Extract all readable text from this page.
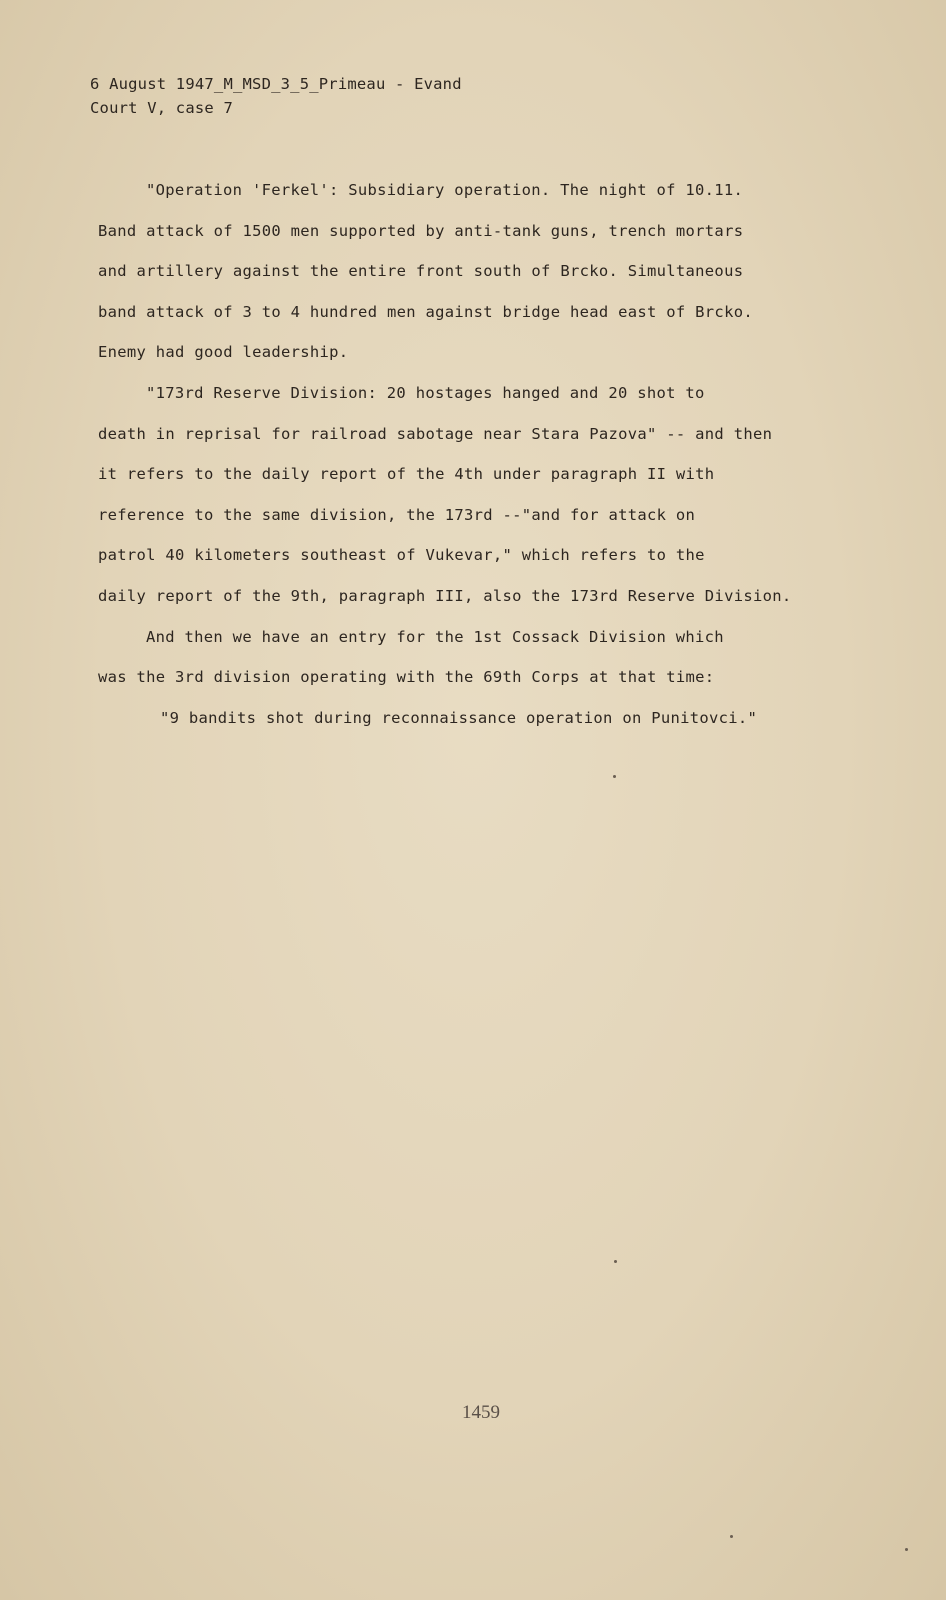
6 August 1947_M_MSD_3_5_Primeau - Evand
Court V, case 7
"Operation 'Ferkel': Subsidiary operation. The night of 10.11.
Band attack of 1500 men supported by anti-tank guns, trench mortars
and artillery against the entire front south of Brcko. Simultaneous
band attack of 3 to 4 hundred men against bridge head east of Brcko.
Enemy had good leadership.
"173rd Reserve Division: 20 hostages hanged and 20 shot to
death in reprisal for railroad sabotage near Stara Pazova" -- and then
it refers to the daily report of the 4th under paragraph II with
reference to the same division, the 173rd --"and for attack on
patrol 40 kilometers southeast of Vukevar," which refers to the
daily report of the 9th, paragraph III, also the 173rd Reserve Division.
And then we have an entry for the 1st Cossack Division which
was the 3rd division operating with the 69th Corps at that time:
"9 bandits shot during reconnaissance operation on Punitovci."
1459
